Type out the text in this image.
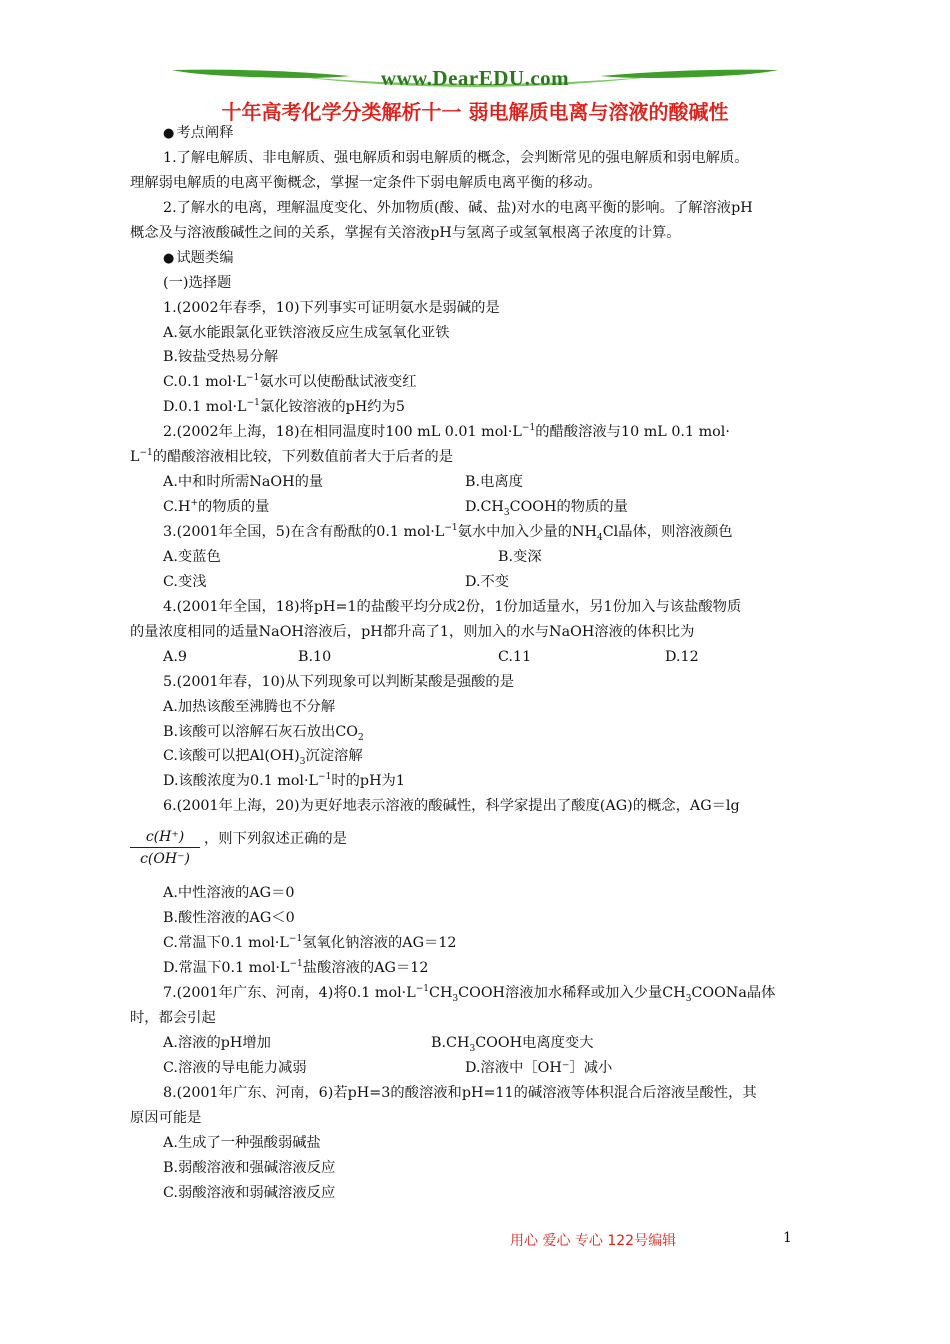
www.DearEDU.com
十年高考化学分类解析十一 弱电解质电离与溶液的酸碱性
● 考点阐释
1.了解电解质、非电解质、强电解质和弱电解质的概念，会判断常见的强电解质和弱电解质。
理解弱电解质的电离平衡概念，掌握一定条件下弱电解质电离平衡的移动。
2.了解水的电离，理解温度变化、外加物质(酸、碱、盐)对水的电离平衡的影响。了解溶液pH
概念及与溶液酸碱性之间的关系，掌握有关溶液pH与氢离子或氢氧根离子浓度的计算。
● 试题类编
(一)选择题
1.(2002年春季，10)下列事实可证明氨水是弱碱的是
A.氨水能跟氯化亚铁溶液反应生成氢氧化亚铁
B.铵盐受热易分解
C.0.1 $mol\cdot L^{-1}$氨水可以使酚酞试液变红
D.0.1 $mol\cdot L^{-1}$氯化铵溶液的pH约为5
2.(2002年上海，18)在相同温度时100 mL 0.01 $mol\cdot L^{-1}$的醋酸溶液与10 mL 0.1 mol·
$L^{-1}$的醋酸溶液相比较，下列数值前者大于后者的是
A.中和时所需NaOH的量	B.电离度
C.H+的物质的量	$D.CH_3COOH$的物质的量
3.(2001年全国，5)在含有酚酞的0.1 $mol\cdot L^{-1}$氨水中加入少量的$NH_4Cl$晶体，则溶液颜色
A.变蓝色	B.变深
C.变浅	D.不变
4.(2001年全国，18)将pH=1的盐酸平均分成2份，1份加适量水，另1份加入与该盐酸物质
的量浓度相同的适量NaOH溶液后，pH都升高了1，则加入的水与NaOH溶液的体积比为
A.9	B.10	C.11	D.12
5.(2001年春，10)从下列现象可以判断某酸是强酸的是
A.加热该酸至沸腾也不分解
B.该酸可以溶解石灰石放出$CO_2$
C.该酸可以把$Al(OH)_3$沉淀溶解
D.该酸浓度为0.1 $mol\cdot L^{-1}$时的pH为1
6.(2001年上海，20)为更好地表示溶液的酸碱性，科学家提出了酸度(AG)的概念，AG＝lg
$\frac{c(H^+)}{c(OH^-)}$ ，则下列叙述正确的是
A.中性溶液的AG＝0
B.酸性溶液的AG＜0
C.常温下0.1 $mol\cdot L^{-1}$氢氧化钠溶液的AG＝12
D.常温下0.1 $mol\cdot L^{-1}$盐酸溶液的AG＝12
7.(2001年广东、河南，4)将0.1 $mol\cdot L^{-1}CH_3COOH$溶液加水稀释或加入少量$CH_3COONa$晶体
时，都会引起
A.溶液的pH增加	$B.CH_3COOH$电离度变大
C.溶液的导电能力减弱	D.溶液中［OH⁻］减小
8.(2001年广东、河南，6)若pH=3的酸溶液和pH=11的碱溶液等体积混合后溶液呈酸性，其
原因可能是
A.生成了一种强酸弱碱盐
B.弱酸溶液和强碱溶液反应
C.弱酸溶液和弱碱溶液反应
用心 爱心 专心 122号编辑	1
